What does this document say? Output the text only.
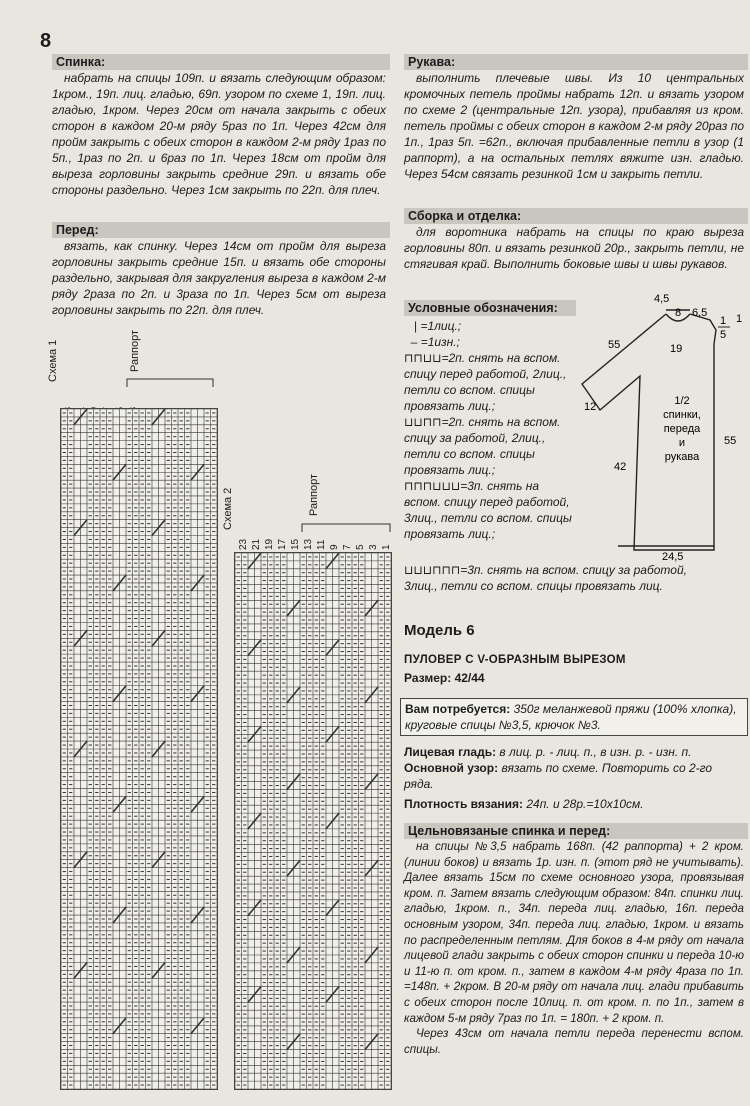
8
Спинка:

набрать на спицы 109п. и вязать следующим образом: 1кром., 19п. лиц. гладью, 69п. узором по схеме 1, 19п. лиц. гладью, 1кром. Через 20см от начала закрыть с обеих сторон в каждом 20-м ряду 5раз по 1п. Через 42см для пройм закрыть с обеих сторон в каждом 2-м ряду 1раз по 5п., 1раз по 2п. и 6раз по 1п. Через 18см от пройм для выреза горловины закрыть средние 29п. и вязать обе стороны раздельно. Через 1см закрыть по 22п. для плеч.

Перед:

вязать, как спинку. Через 14см от пройм для выреза горловины закрыть средние 15п. и вязать обе стороны раздельно, закрывая для закругления выреза в каждом 2-м ряду 2раза по 2п. и 3раза по 1п. Через 5см от выреза горловины закрыть по 22п. для плеч.

Схема 1	Раппорт
23 21 19 17 15 13 11 9 7 5 3 1
Схема 2	Раппорт
23 21 19 17 15 13 11 9 7 5 3 1
Рукава:

выполнить плечевые швы. Из 10 центральных кромочных петель проймы набрать 12п. и вязать узором по схеме 2 (центральные 12п. узора), прибавляя из кром. петель проймы с обеих сторон в каждом 2-м ряду 20раз по 1п., 1раз 5п. =62п., включая прибавленные петли в узор (1 раппорт), а на остальных петлях вяжите изн. гладью. Через 54см связать резинкой 1см и закрыть петли.

Сборка и отделка:

для воротника набрать на спицы по краю выреза горловины 80п. и вязать резинкой 20р., закрыть петли, не стягивая край. Выполнить боковые швы и швы рукавов.

Условные обозначения:
| =1лиц.;
– =1изн.;
⊓⊓⊔⊔=2п. снять на вспом. спицу перед работой, 2лиц., петли со вспом. спицы провязать лиц.;
⊔⊔⊓⊓=2п. снять на вспом. спицу за работой, 2лиц., петли со вспом. спицы провязать лиц.;
⊓⊓⊓⊔⊔⊔=3п. снять на вспом. спицу перед работой, 3лиц., петли со вспом. спицы провязать лиц.;
⊔⊔⊔⊓⊓⊓=3п. снять на вспом. спицу за работой, 3лиц., петли со вспом. спицы провязать лиц.
4,5
8 6,5
1
5
1
55
12
19
1/2 спинки, переда и рукава
42
55
24,5
Модель 6
ПУЛОВЕР С V-ОБРАЗНЫМ ВЫРЕЗОМ
Размер: 42/44
Вам потребуется: 350г меланжевой пряжи (100% хлопка), круговые спицы №3,5, крючок №3.
Лицевая гладь: в лиц. р. - лиц. п., в изн. р. - изн. п.
Основной узор: вязать по схеме. Повторить со 2-го ряда.
Плотность вязания: 24п. и 28р.=10х10см.
Цельновязаные спинка и перед:

на спицы №3,5 набрать 168п. (42 раппорта) + 2 кром. (линии боков) и вязать 1р. изн. п. (этот ряд не учитывать). Далее вязать 15см по схеме основного узора, провязывая кром. п. Затем вязать следующим образом: 84п. спинки лиц. гладью, 1кром. п., 34п. переда лиц. гладью, 16п. переда основным узором, 34п. переда лиц. гладью, 1кром. и вязать по распределенным петлям. Для боков в 4-м ряду от начала лицевой глади закрыть с обеих сторон спинки и переда 10-ю и 11-ю п. от кром. п., затем в каждом 4-м ряду 4раза по 1п. =148п. + 2кром. В 20-м ряду от начала лиц. глади прибавить с обеих сторон после 10лиц. п. от кром. п. по 1п., затем в каждом 5-м ряду 7раз по 1п. = 180п. + 2 кром. п.

Через 43см от начала петли переда перенести вспом. спицы.
